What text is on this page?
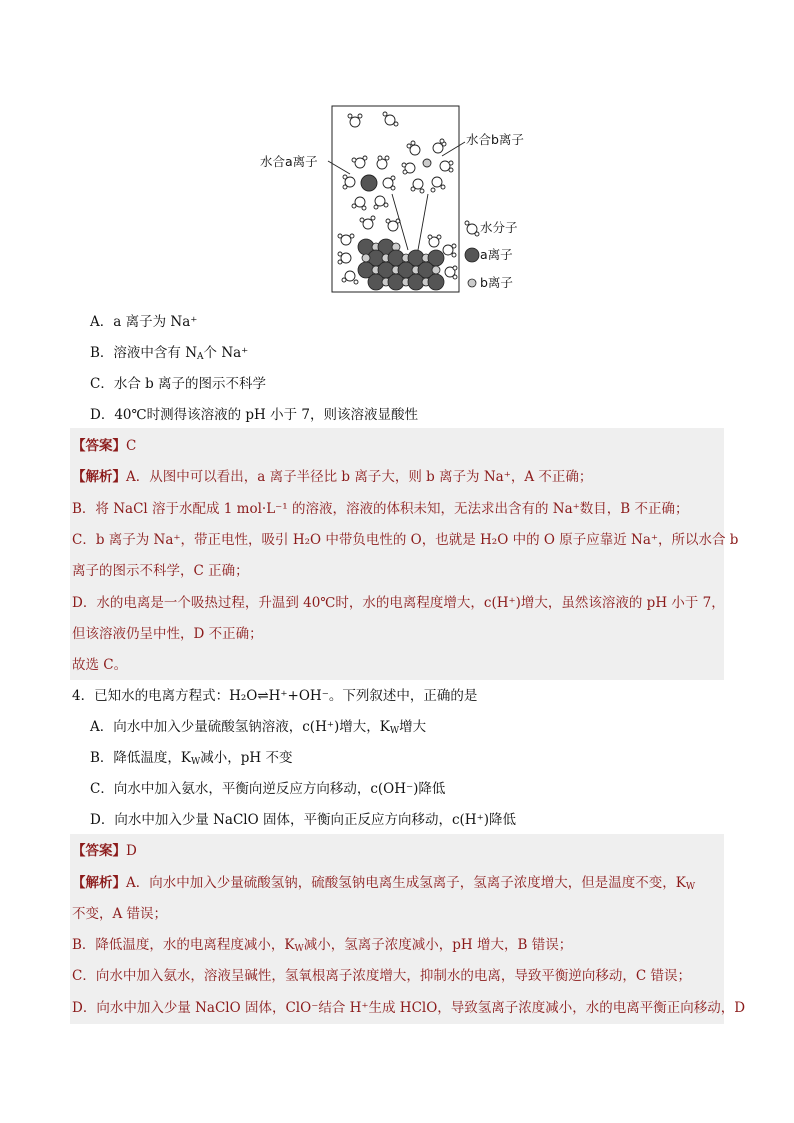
水合a离子
水合b离子
水分子
a离子
b离子
A．a 离子为 Na⁺
B．溶液中含有 $N_A$个 Na⁺
C．水合 b 离子的图示不科学
D．40℃时测得该溶液的 pH 小于 7，则该溶液显酸性
【答案】C
【解析】A．从图中可以看出，a 离子半径比 b 离子大，则 b 离子为 Na⁺，A 不正确；
B．将 NaCl 溶于水配成 1 mol·L⁻¹ 的溶液，溶液的体积未知，无法求出含有的 Na⁺数目，B 不正确；
C．b 离子为 Na⁺，带正电性，吸引 H₂O 中带负电性的 O，也就是 H₂O 中的 O 原子应靠近 Na⁺，所以水合 b
离子的图示不科学，C 正确；
D．水的电离是一个吸热过程，升温到 40℃时，水的电离程度增大，c(H⁺)增大，虽然该溶液的 pH 小于 7，
但该溶液仍呈中性，D 不正确；
故选 C。
4．已知水的电离方程式：H₂O⇌H⁺+OH⁻。下列叙述中，正确的是
A．向水中加入少量硫酸氢钠溶液，c(H⁺)增大，$K_W$增大
B．降低温度，$K_W$减小，pH 不变
C．向水中加入氨水，平衡向逆反应方向移动，c(OH⁻)降低
D．向水中加入少量 NaClO 固体，平衡向正反应方向移动，c(H⁺)降低
【答案】D
【解析】A．向水中加入少量硫酸氢钠，硫酸氢钠电离生成氢离子，氢离子浓度增大，但是温度不变，$K_W$
不变，A 错误；
B．降低温度，水的电离程度减小，$K_W$减小，氢离子浓度减小，pH 增大，B 错误；
C．向水中加入氨水，溶液呈碱性，氢氧根离子浓度增大，抑制水的电离，导致平衡逆向移动，C 错误；
D．向水中加入少量 NaClO 固体，ClO⁻结合 H⁺生成 HClO，导致氢离子浓度减小，水的电离平衡正向移动，D
